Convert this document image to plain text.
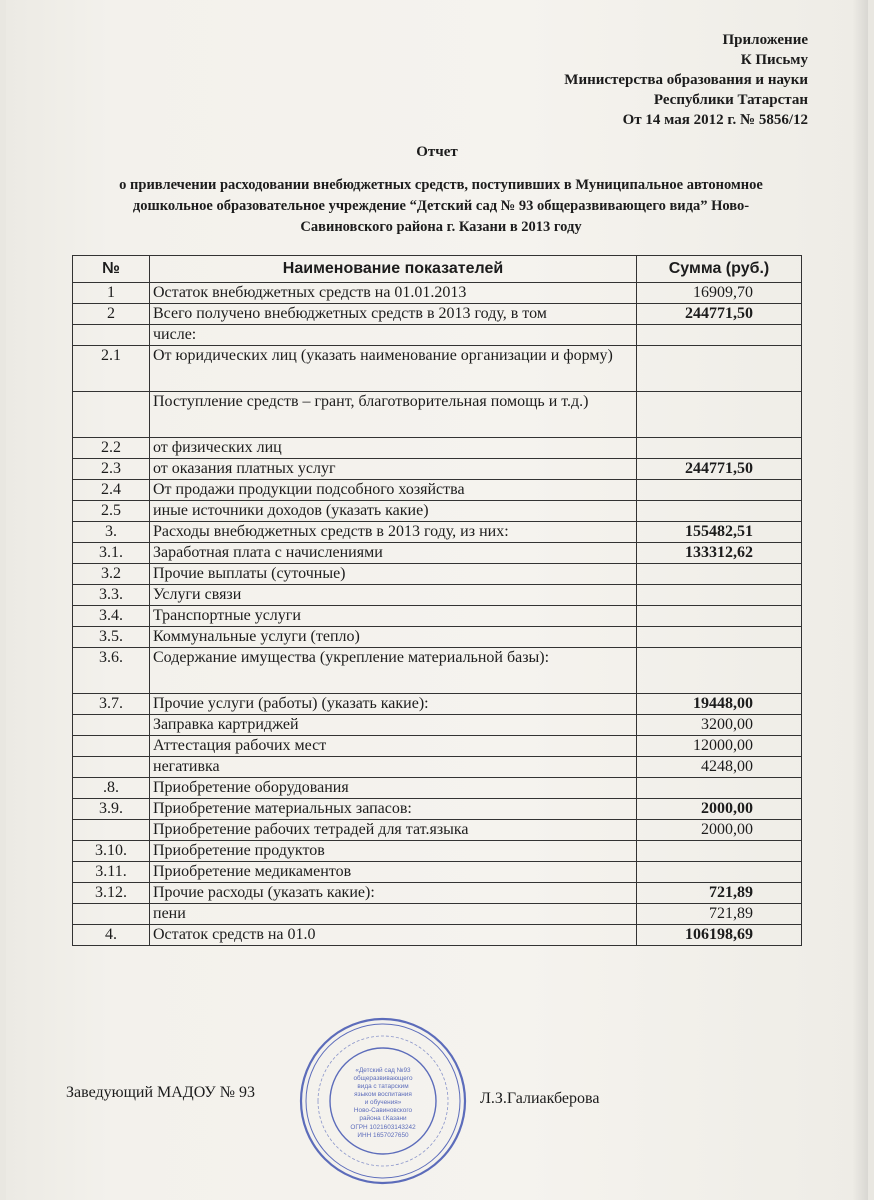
Приложение
К Письму
Министерства образования и науки
Республики Татарстан
От 14 мая 2012 г. № 5856/12
Отчет
о привлечении расходовании внебюджетных средств, поступивших в Муниципальное автономное дошкольное образовательное учреждение “Детский сад № 93 общеразвивающего вида” Ново-Савиновского района г. Казани в 2013 году
№	Наименование показателей	Сумма (руб.)
1	Остаток внебюджетных средств на 01.01.2013	16909,70
2	Всего получено внебюджетных средств в 2013 году, в том	244771,50
	числе:	
2.1	От юридических лиц (указать наименование организации и форму)	
	Поступление средств – грант, благотворительная помощь и т.д.)	
2.2	от физических лиц	
2.3	от оказания платных услуг	244771,50
2.4	От продажи продукции подсобного хозяйства	
2.5	иные источники доходов (указать какие)	
3.	Расходы внебюджетных средств в 2013 году, из них:	155482,51
3.1.	Заработная плата с начислениями	133312,62
3.2	Прочие выплаты (суточные)	
3.3.	Услуги связи	
3.4.	Транспортные услуги	
3.5.	Коммунальные услуги (тепло)	
3.6.	Содержание имущества (укрепление материальной базы):	
3.7.	Прочие услуги (работы) (указать какие):	19448,00
	Заправка картриджей	3200,00
	Аттестация рабочих мест	12000,00
	негативка	4248,00
.8.	Приобретение оборудования	
3.9.	Приобретение материальных запасов:	2000,00
	Приобретение рабочих тетрадей для тат.языка	2000,00
3.10.	Приобретение продуктов	
3.11.	Приобретение медикаментов	
3.12.	Прочие расходы (указать какие):	721,89
	пени	721,89
4.	Остаток средств на 01.0	106198,69
«Детский сад №93
общеразвивающего
вида с татарским
языком воспитания
и обучения»
Ново-Савиновского
района г.Казани
ОГРН 1021603143242
ИНН 1657027650
Заведующий МАДОУ № 93	Л.З.Галиакберова
